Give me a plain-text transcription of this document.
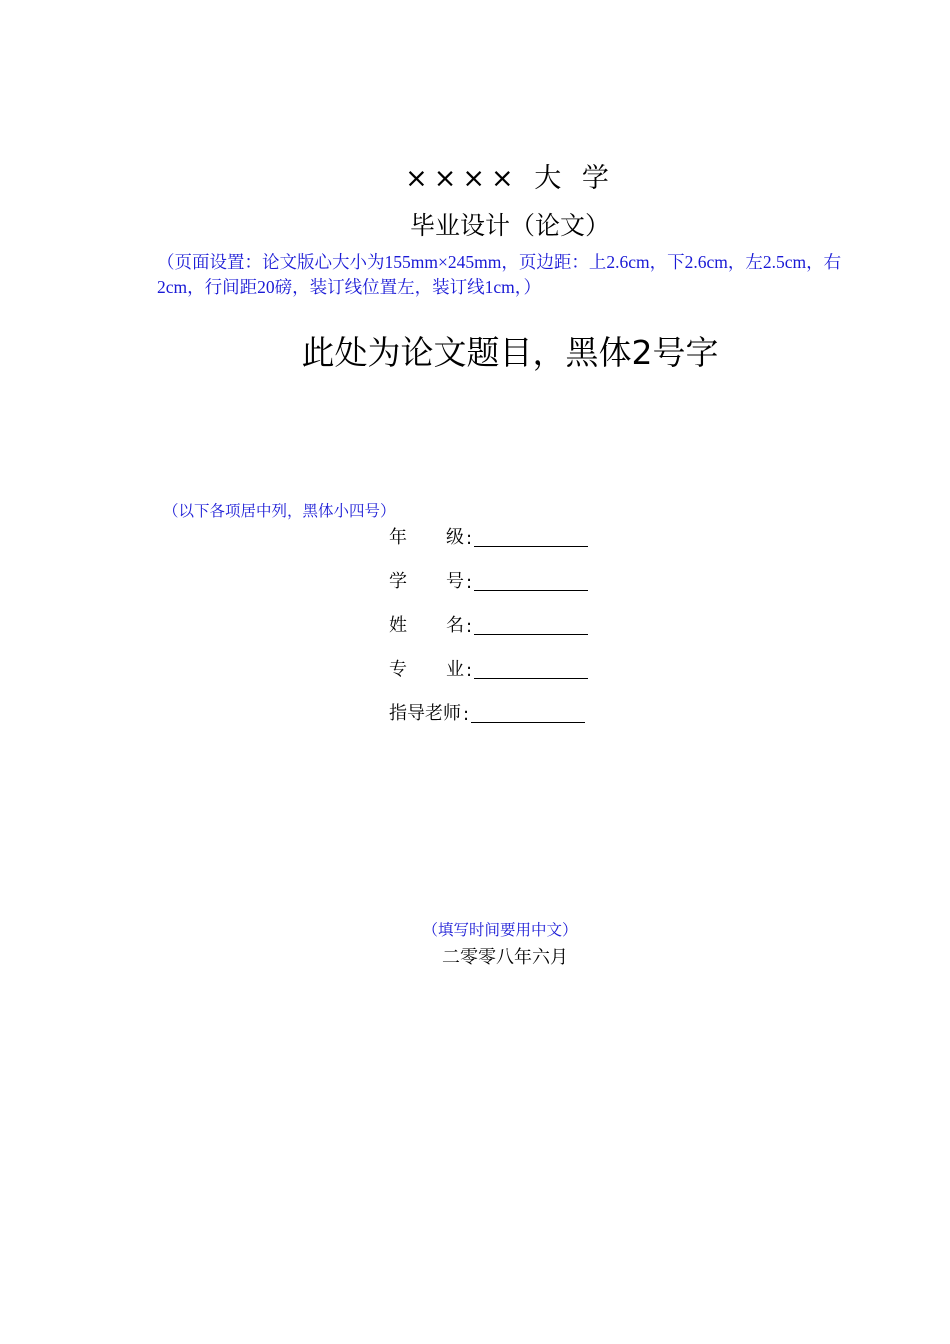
×××× 大 学
毕业设计（论文）
（页面设置：论文版心大小为155mm×245mm，页边距：上2.6cm，下2.6cm，左2.5cm，右2cm，行间距20磅，装订线位置左，装订线1cm，）
此处为论文题目，黑体2号字
（以下各项居中列，黑体小四号）
年	级 :
学	号 :
姓	名 :
专	业 :
指导老师 :
（填写时间要用中文）
二零零八年六月
